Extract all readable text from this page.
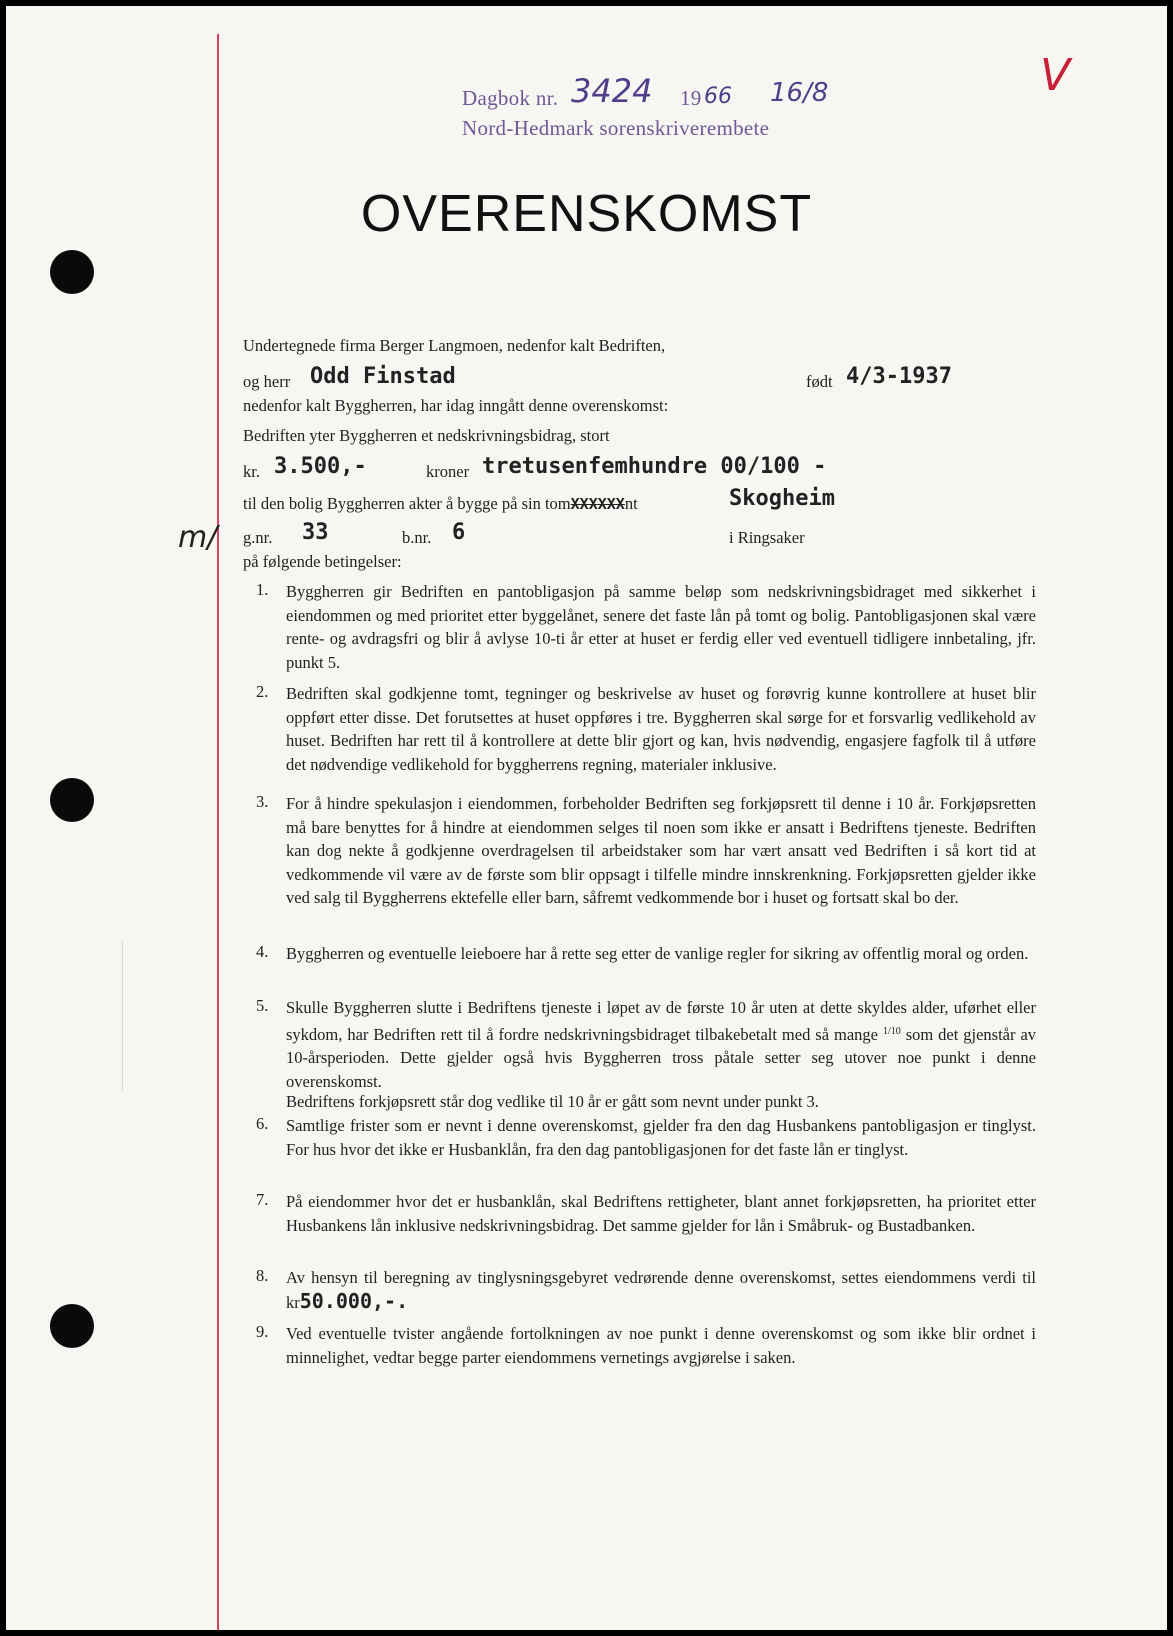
Dagbok nr. 3424 19 66 16/8
Nord-Hedmark sorenskriverembete
V
OVERENSKOMST
Undertegnede firma Berger Langmoen, nedenfor kalt Bedriften,
og herr Odd Finstad	født 4/3-1937
nedenfor kalt Byggherren, har idag inngått denne overenskomst:
Bedriften yter Byggherren et nedskrivningsbidrag, stort
kr. 3.500,-	kroner tretusenfemhundre 00/100 -
til den bolig Byggherren akter å bygge på sin tomXXXXXXnt	Skogheim
m/ g.nr. 33	b.nr. 6	i Ringsaker
på følgende betingelser:
1. Byggherren gir Bedriften en pantobligasjon på samme beløp som nedskrivningsbidraget med sikkerhet i eiendommen og med prioritet etter byggelånet, senere det faste lån på tomt og bolig. Pantobligasjonen skal være rente- og avdragsfri og blir å avlyse 10-ti år etter at huset er ferdig eller ved eventuell tidligere innbetaling, jfr. punkt 5.
2. Bedriften skal godkjenne tomt, tegninger og beskrivelse av huset og forøvrig kunne kontrollere at huset blir oppført etter disse. Det forutsettes at huset oppføres i tre. Byggherren skal sørge for et forsvarlig vedlikehold av huset. Bedriften har rett til å kontrollere at dette blir gjort og kan, hvis nødvendig, engasjere fagfolk til å utføre det nødvendige vedlikehold for byggherrens regning, materialer inklusive.
3. For å hindre spekulasjon i eiendommen, forbeholder Bedriften seg forkjøpsrett til denne i 10 år. Forkjøpsretten må bare benyttes for å hindre at eiendommen selges til noen som ikke er ansatt i Bedriftens tjeneste. Bedriften kan dog nekte å godkjenne overdragelsen til arbeidstaker som har vært ansatt ved Bedriften i så kort tid at vedkommende vil være av de første som blir oppsagt i tilfelle mindre innskrenkning. Forkjøpsretten gjelder ikke ved salg til Byggherrens ektefelle eller barn, såfremt vedkommende bor i huset og fortsatt skal bo der.
4. Byggherren og eventuelle leieboere har å rette seg etter de vanlige regler for sikring av offentlig moral og orden.
5. Skulle Byggherren slutte i Bedriftens tjeneste i løpet av de første 10 år uten at dette skyldes alder, uførhet eller sykdom, har Bedriften rett til å fordre nedskrivningsbidraget tilbakebetalt med så mange $^{1/10}$ som det gjenstår av 10-årsperioden. Dette gjelder også hvis Byggherren tross påtale setter seg utover noe punkt i denne overenskomst.
Bedriftens forkjøpsrett står dog vedlike til 10 år er gått som nevnt under punkt 3.
6. Samtlige frister som er nevnt i denne overenskomst, gjelder fra den dag Husbankens pantobligasjon er tinglyst. For hus hvor det ikke er Husbanklån, fra den dag pantobligasjonen for det faste lån er tinglyst.
7. På eiendommer hvor det er husbanklån, skal Bedriftens rettigheter, blant annet forkjøpsretten, ha prioritet etter Husbankens lån inklusive nedskrivningsbidrag. Det samme gjelder for lån i Småbruk- og Bustadbanken.
8. Av hensyn til beregning av tinglysningsgebyret vedrørende denne overenskomst, settes eiendommens verdi til kr50.000,-.
9. Ved eventuelle tvister angående fortolkningen av noe punkt i denne overenskomst og som ikke blir ordnet i minnelighet, vedtar begge parter eiendommens vernetings avgjørelse i saken.
